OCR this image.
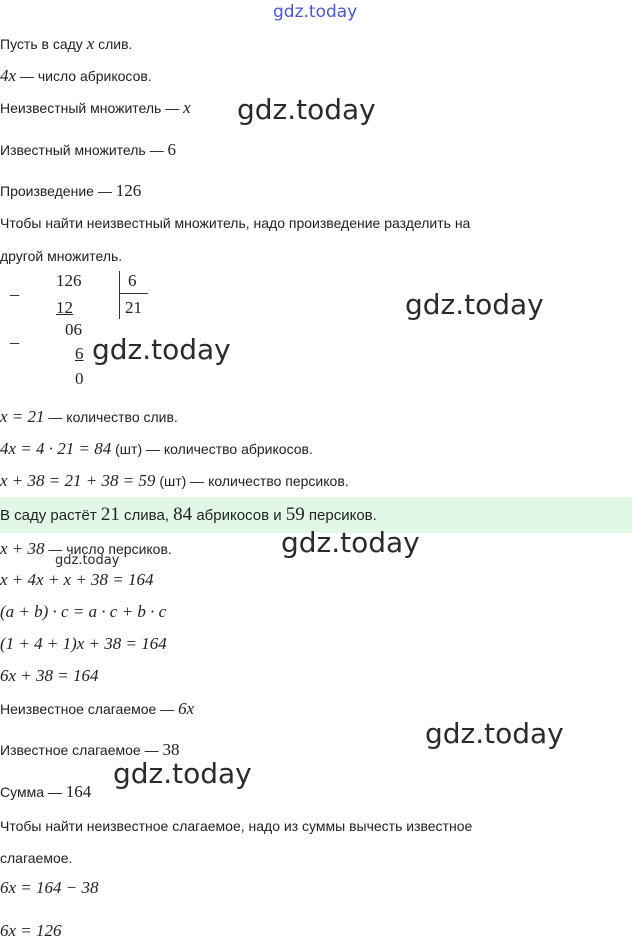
gdz.today
Пусть в саду x слив.
4x — число абрикосов.
Неизвестный множитель — x
Известный множитель — 6
Произведение — 126
Чтобы найти неизвестный множитель, надо произведение разделить на
другой множитель.
–
126	6
12	21
06
–
6
0
x = 21 — количество слив.
4x = 4 · 21 = 84 (шт) — количество абрикосов.
x + 38 = 21 + 38 = 59 (шт) — количество персиков.
В саду растёт 21 слива, 84 абрикосов и 59 персиков.
x + 38 — число персиков.
x + 4x + x + 38 = 164
(a + b) · c = a · c + b · c
(1 + 4 + 1)x + 38 = 164
6x + 38 = 164
Неизвестное слагаемое — 6x
Известное слагаемое — 38
Сумма — 164
Чтобы найти неизвестное слагаемое, надо из суммы вычесть известное
слагаемое.
6x = 164 − 38
6x = 126
gdz.today
gdz.today
gdz.today
gdz.today
gdz.today
gdz.today
gdz.today
